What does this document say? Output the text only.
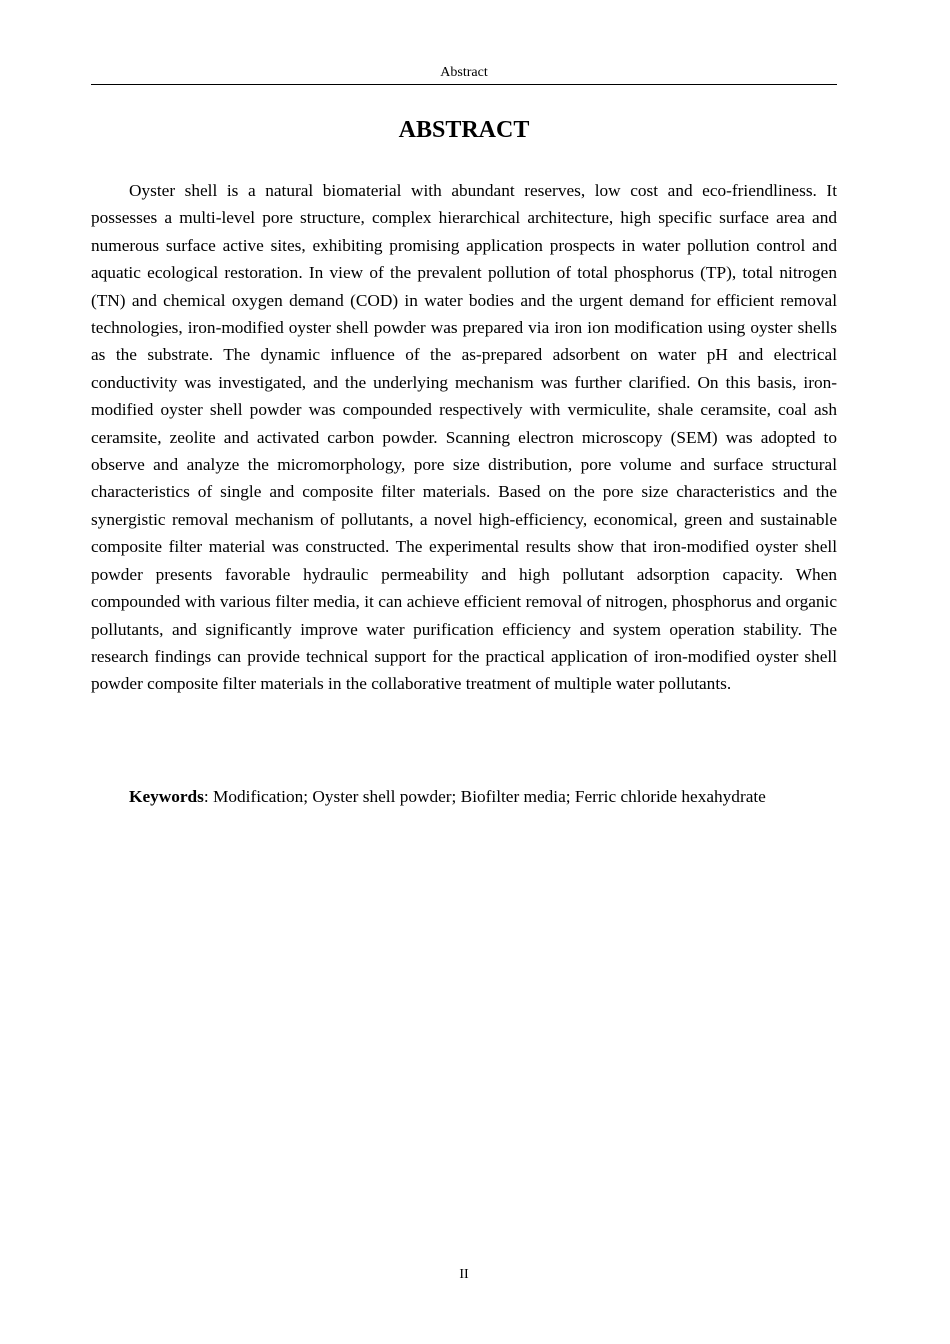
Abstract
ABSTRACT

Oyster shell is a natural biomaterial with abundant reserves, low cost and eco-friendliness. It possesses a multi-level pore structure, complex hierarchical architecture, high specific surface area and numerous surface active sites, exhibiting promising application prospects in water pollution control and aquatic ecological restoration. In view of the prevalent pollution of total phosphorus (TP), total nitrogen (TN) and chemical oxygen demand (COD) in water bodies and the urgent demand for efficient removal technologies, iron-modified oyster shell powder was prepared via iron ion modification using oyster shells as the substrate. The dynamic influence of the as-prepared adsorbent on water pH and electrical conductivity was investigated, and the underlying mechanism was further clarified. On this basis, iron-modified oyster shell powder was compounded respectively with vermiculite, shale ceramsite, coal ash ceramsite, zeolite and activated carbon powder. Scanning electron microscopy (SEM) was adopted to observe and analyze the micromorphology, pore size distribution, pore volume and surface structural characteristics of single and composite filter materials. Based on the pore size characteristics and the synergistic removal mechanism of pollutants, a novel high-efficiency, economical, green and sustainable composite filter material was constructed. The experimental results show that iron-modified oyster shell powder presents favorable hydraulic permeability and high pollutant adsorption capacity. When compounded with various filter media, it can achieve efficient removal of nitrogen, phosphorus and organic pollutants, and significantly improve water purification efficiency and system operation stability. The research findings can provide technical support for the practical application of iron-modified oyster shell powder composite filter materials in the collaborative treatment of multiple water pollutants.

Keywords: Modification; Oyster shell powder; Biofilter media; Ferric chloride hexahydrate

II
